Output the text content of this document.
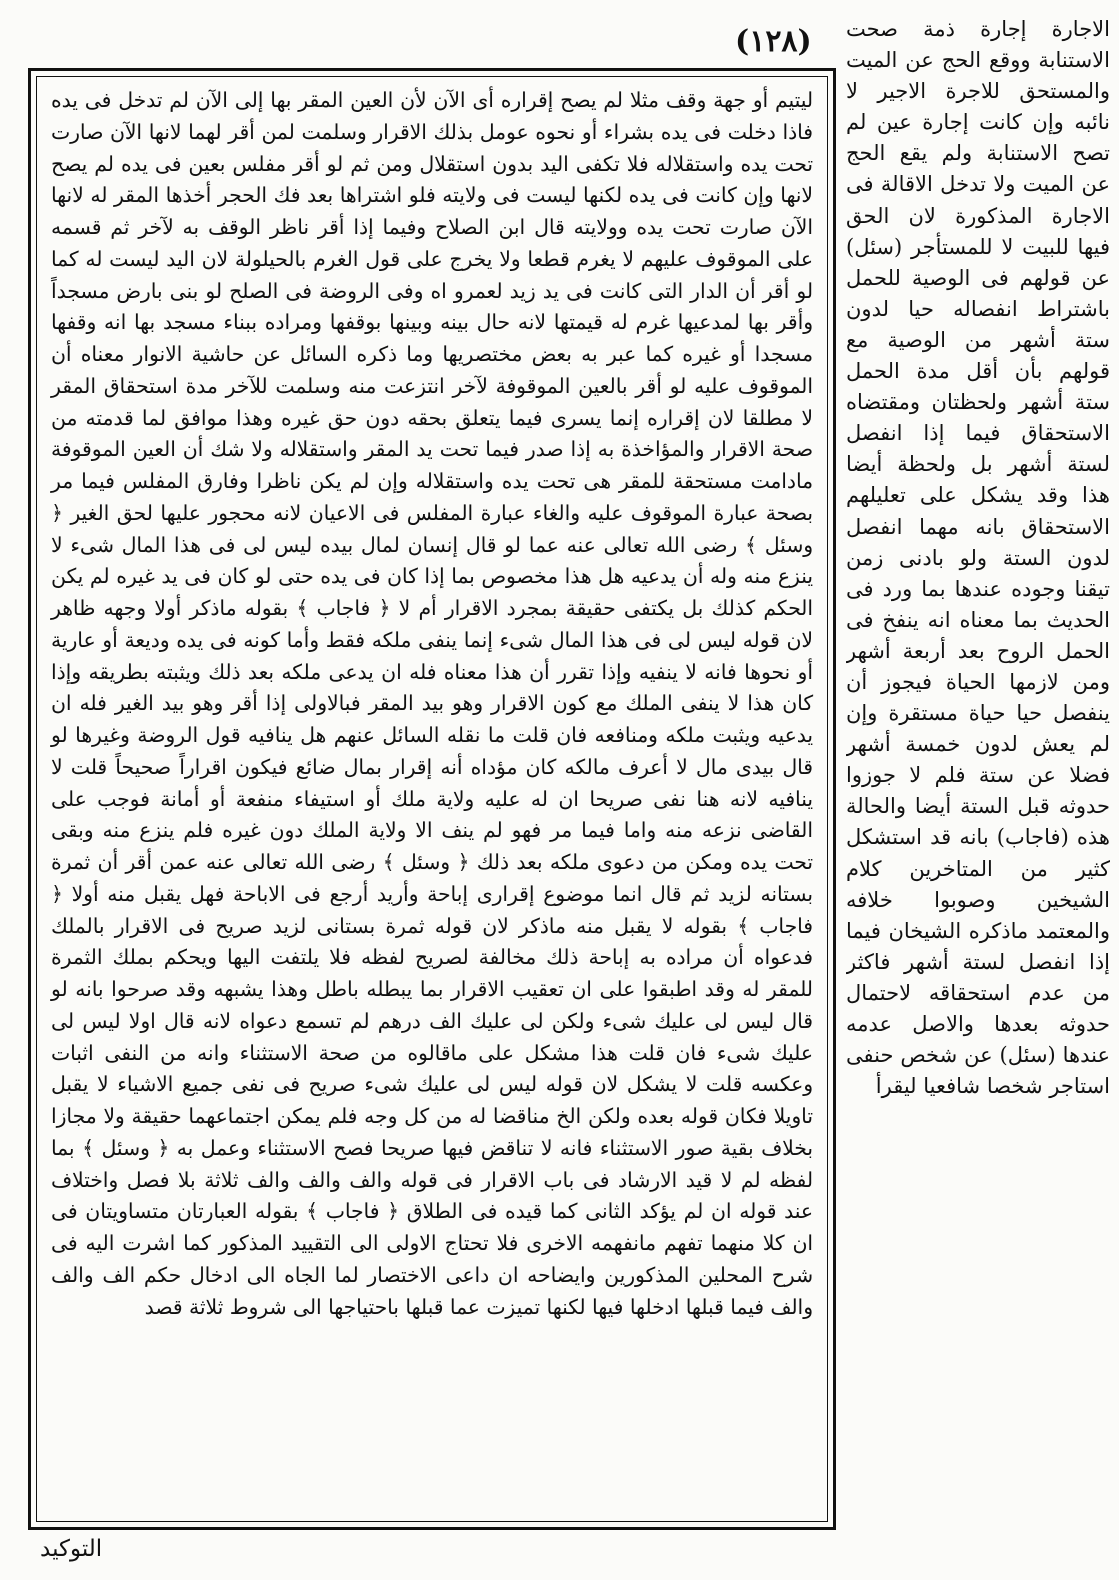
(١٢٨)

ليتيم أو جهة وقف مثلا لم يصح إقراره أى الآن لأن العين المقر بها إلى الآن لم تدخل فى يده فاذا دخلت فى يده بشراء أو نحوه عومل بذلك الاقرار وسلمت لمن أقر لهما لانها الآن صارت تحت يده واستقلاله فلا تكفى اليد بدون استقلال ومن ثم لو أقر مفلس بعين فى يده لم يصح لانها وإن كانت فى يده لكنها ليست فى ولايته فلو اشتراها بعد فك الحجر أخذها المقر له لانها الآن صارت تحت يده وولايته قال ابن الصلاح وفيما إذا أقر ناظر الوقف به لآخر ثم قسمه على الموقوف عليهم لا يغرم قطعا ولا يخرج على قول الغرم بالحيلولة لان اليد ليست له كما لو أقر أن الدار التى كانت فى يد زيد لعمرو اه وفى الروضة فى الصلح لو بنى بارض مسجداً وأقر بها لمدعيها غرم له قيمتها لانه حال بينه وبينها بوقفها ومراده ببناء مسجد بها انه وقفها مسجدا أو غيره كما عبر به بعض مختصريها وما ذكره السائل عن حاشية الانوار معناه أن الموقوف عليه لو أقر بالعين الموقوفة لآخر انتزعت منه وسلمت للآخر مدة استحقاق المقر لا مطلقا لان إقراره إنما يسرى فيما يتعلق بحقه دون حق غيره وهذا موافق لما قدمته من صحة الاقرار والمؤاخذة به إذا صدر فيما تحت يد المقر واستقلاله ولا شك أن العين الموقوفة مادامت مستحقة للمقر هى تحت يده واستقلاله وإن لم يكن ناظرا وفارق المفلس فيما مر بصحة عبارة الموقوف عليه والغاء عبارة المفلس فى الاعيان لانه محجور عليها لحق الغير ﴿ وسئل ﴾ رضى الله تعالى عنه عما لو قال إنسان لمال بيده ليس لى فى هذا المال شىء لا ينزع منه وله أن يدعيه هل هذا مخصوص بما إذا كان فى يده حتى لو كان فى يد غيره لم يكن الحكم كذلك بل يكتفى حقيقة بمجرد الاقرار أم لا ﴿ فاجاب ﴾ بقوله ماذكر أولا وجهه ظاهر لان قوله ليس لى فى هذا المال شىء إنما ينفى ملكه فقط وأما كونه فى يده وديعة أو عارية أو نحوها فانه لا ينفيه وإذا تقرر أن هذا معناه فله ان يدعى ملكه بعد ذلك ويثبته بطريقه وإذا كان هذا لا ينفى الملك مع كون الاقرار وهو بيد المقر فبالاولى إذا أقر وهو بيد الغير فله ان يدعيه ويثبت ملكه ومنافعه فان قلت ما نقله السائل عنهم هل ينافيه قول الروضة وغيرها لو قال بيدى مال لا أعرف مالكه كان مؤداه أنه إقرار بمال ضائع فيكون اقراراً صحيحاً قلت لا ينافيه لانه هنا نفى صريحا ان له عليه ولاية ملك أو استيفاء منفعة أو أمانة فوجب على القاضى نزعه منه واما فيما مر فهو لم ينف الا ولاية الملك دون غيره فلم ينزع منه وبقى تحت يده ومكن من دعوى ملكه بعد ذلك ﴿ وسئل ﴾ رضى الله تعالى عنه عمن أقر أن ثمرة بستانه لزيد ثم قال انما موضوع إقرارى إباحة وأريد أرجع فى الاباحة فهل يقبل منه أولا ﴿ فاجاب ﴾ بقوله لا يقبل منه ماذكر لان قوله ثمرة بستانى لزيد صريح فى الاقرار بالملك فدعواه أن مراده به إباحة ذلك مخالفة لصريح لفظه فلا يلتفت اليها ويحكم بملك الثمرة للمقر له وقد اطبقوا على ان تعقيب الاقرار بما يبطله باطل وهذا يشبهه وقد صرحوا بانه لو قال ليس لى عليك شىء ولكن لى عليك الف درهم لم تسمع دعواه لانه قال اولا ليس لى عليك شىء فان قلت هذا مشكل على ماقالوه من صحة الاستثناء وانه من النفى اثبات وعكسه قلت لا يشكل لان قوله ليس لى عليك شىء صريح فى نفى جميع الاشياء لا يقبل تاويلا فكان قوله بعده ولكن الخ مناقضا له من كل وجه فلم يمكن اجتماعهما حقيقة ولا مجازا بخلاف بقية صور الاستثناء فانه لا تناقض فيها صريحا فصح الاستثناء وعمل به ﴿ وسئل ﴾ بما لفظه لم لا قيد الارشاد فى باب الاقرار فى قوله والف والف والف ثلاثة بلا فصل واختلاف عند قوله ان لم يؤكد الثانى كما قيده فى الطلاق ﴿ فاجاب ﴾ بقوله العبارتان متساويتان فى ان كلا منهما تفهم مانفهمه الاخرى فلا تحتاج الاولى الى التقييد المذكور كما اشرت اليه فى شرح المحلين المذكورين وايضاحه ان داعى الاختصار لما الجاه الى ادخال حكم الف والف والف فيما قبلها ادخلها فيها لكنها تميزت عما قبلها باحتياجها الى شروط ثلاثة قصد

الاجارة إجارة ذمة صحت الاستنابة ووقع الحج عن الميت والمستحق للاجرة الاجير لا نائبه وإن كانت إجارة عين لم تصح الاستنابة ولم يقع الحج عن الميت ولا تدخل الاقالة فى الاجارة المذكورة لان الحق فيها للبيت لا للمستأجر (سئل) عن قولهم فى الوصية للحمل باشتراط انفصاله حيا لدون ستة أشهر من الوصية مع قولهم بأن أقل مدة الحمل ستة أشهر ولحظتان ومقتضاه الاستحقاق فيما إذا انفصل لستة أشهر بل ولحظة أيضا هذا وقد يشكل على تعليلهم الاستحقاق بانه مهما انفصل لدون الستة ولو بادنى زمن تيقنا وجوده عندها بما ورد فى الحديث بما معناه انه ينفخ فى الحمل الروح بعد أربعة أشهر ومن لازمها الحياة فيجوز أن ينفصل حيا حياة مستقرة وإن لم يعش لدون خمسة أشهر فضلا عن ستة فلم لا جوزوا حدوثه قبل الستة أيضا والحالة هذه (فاجاب) بانه قد استشكل كثير من المتاخرين كلام الشيخين وصوبوا خلافه والمعتمد ماذكره الشيخان فيما إذا انفصل لستة أشهر فاكثر من عدم استحقاقه لاحتمال حدوثه بعدها والاصل عدمه عندها (سئل) عن شخص حنفى استاجر شخصا شافعيا ليقرأ

التوكيد
